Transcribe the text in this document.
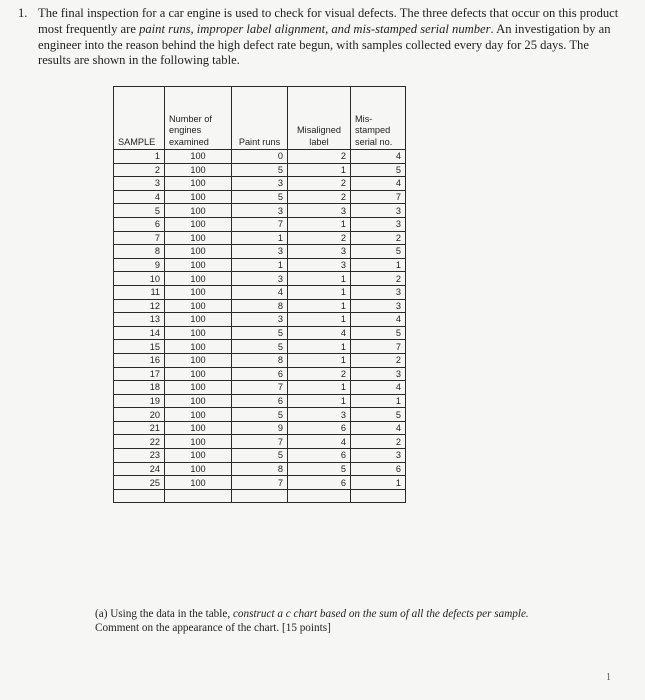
1. The final inspection for a car engine is used to check for visual defects. The three defects that occur on this product most frequently are paint runs, improper label alignment, and mis-stamped serial number. An investigation by an engineer into the reason behind the high defect rate begun, with samples collected every day for 25 days. The results are shown in the following table.
SAMPLE	Number of engines examined	Paint runs	Misaligned label	Mis-stamped serial no.
1	100	0	2	4
2	100	5	1	5
3	100	3	2	4
4	100	5	2	7
5	100	3	3	3
6	100	7	1	3
7	100	1	2	2
8	100	3	3	5
9	100	1	3	1
10	100	3	1	2
11	100	4	1	3
12	100	8	1	3
13	100	3	1	4
14	100	5	4	5
15	100	5	1	7
16	100	8	1	2
17	100	6	2	3
18	100	7	1	4
19	100	6	1	1
20	100	5	3	5
21	100	9	6	4
22	100	7	4	2
23	100	5	6	3
24	100	8	5	6
25	100	7	6	1

(a) Using the data in the table, construct a c chart based on the sum of all the defects per sample.
Comment on the appearance of the chart. [15 points]
1
